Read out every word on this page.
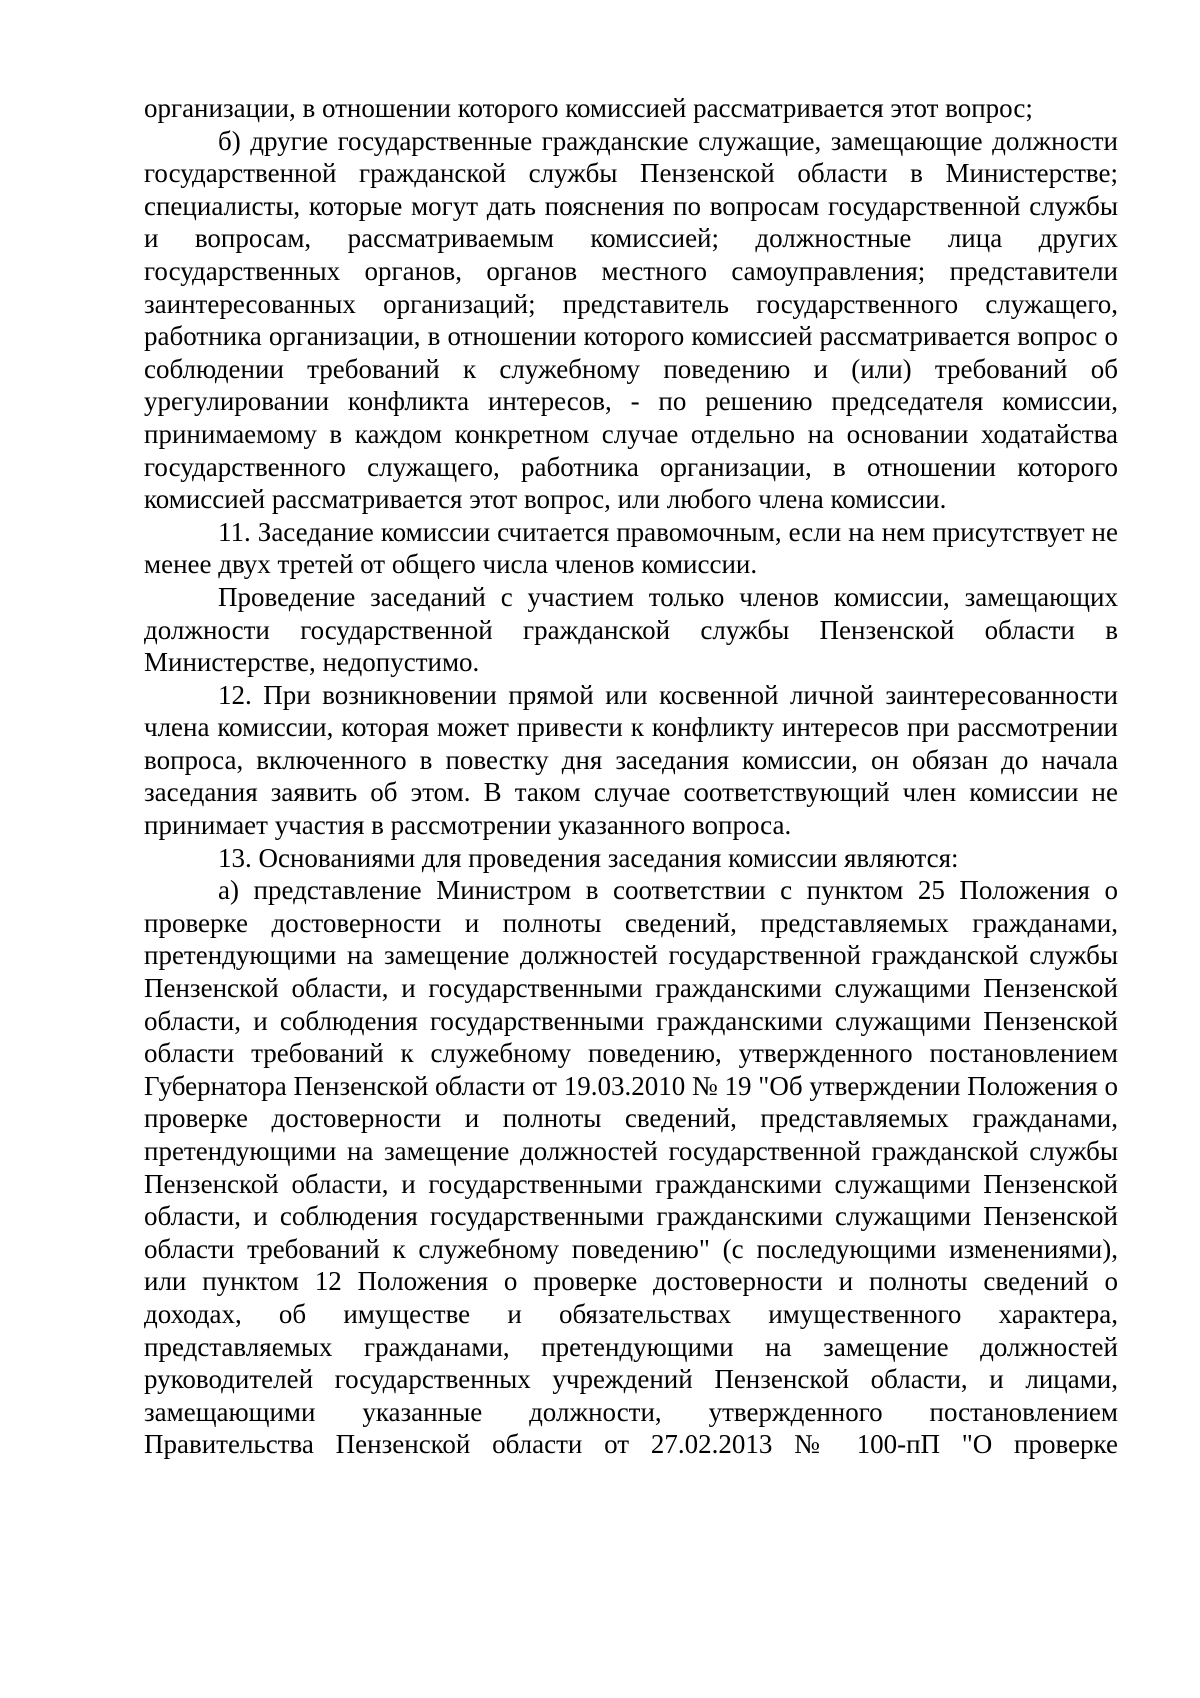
организации, в отношении которого комиссией рассматривается этот вопрос;

б) другие государственные гражданские служащие, замещающие должности государственной гражданской службы Пензенской области в Министерстве; специалисты, которые могут дать пояснения по вопросам государственной службы и вопросам, рассматриваемым комиссией; должностные лица других государственных органов, органов местного самоуправления; представители заинтересованных организаций; представитель государственного служащего, работника организации, в отношении которого комиссией рассматривается вопрос о соблюдении требований к служебному поведению и (или) требований об урегулировании конфликта интересов, - по решению председателя комиссии, принимаемому в каждом конкретном случае отдельно на основании ходатайства государственного служащего, работника организации, в отношении которого комиссией рассматривается этот вопрос, или любого члена комиссии.

11. Заседание комиссии считается правомочным, если на нем присутствует не менее двух третей от общего числа членов комиссии.

Проведение заседаний с участием только членов комиссии, замещающих должности государственной гражданской службы Пензенской области в Министерстве, недопустимо.

12. При возникновении прямой или косвенной личной заинтересованности члена комиссии, которая может привести к конфликту интересов при рассмотрении вопроса, включенного в повестку дня заседания комиссии, он обязан до начала заседания заявить об этом. В таком случае соответствующий член комиссии не принимает участия в рассмотрении указанного вопроса.

13. Основаниями для проведения заседания комиссии являются:

а) представление Министром в соответствии с пунктом 25 Положения о проверке достоверности и полноты сведений, представляемых гражданами, претендующими на замещение должностей государственной гражданской службы Пензенской области, и государственными гражданскими служащими Пензенской области, и соблюдения государственными гражданскими служащими Пензенской области требований к служебному поведению, утвержденного постановлением Губернатора Пензенской области от 19.03.2010 № 19 "Об утверждении Положения о проверке достоверности и полноты сведений, представляемых гражданами, претендующими на замещение должностей государственной гражданской службы Пензенской области, и государственными гражданскими служащими Пензенской области, и соблюдения государственными гражданскими служащими Пензенской области требований к служебному поведению" (с последующими изменениями), или пунктом 12 Положения о проверке достоверности и полноты сведений о доходах, об имуществе и обязательствах имущественного характера, представляемых гражданами, претендующими на замещение должностей руководителей государственных учреждений Пензенской области, и лицами, замещающими указанные должности, утвержденного постановлением Правительства Пензенской области от 27.02.2013 № 100-пП "О проверке
